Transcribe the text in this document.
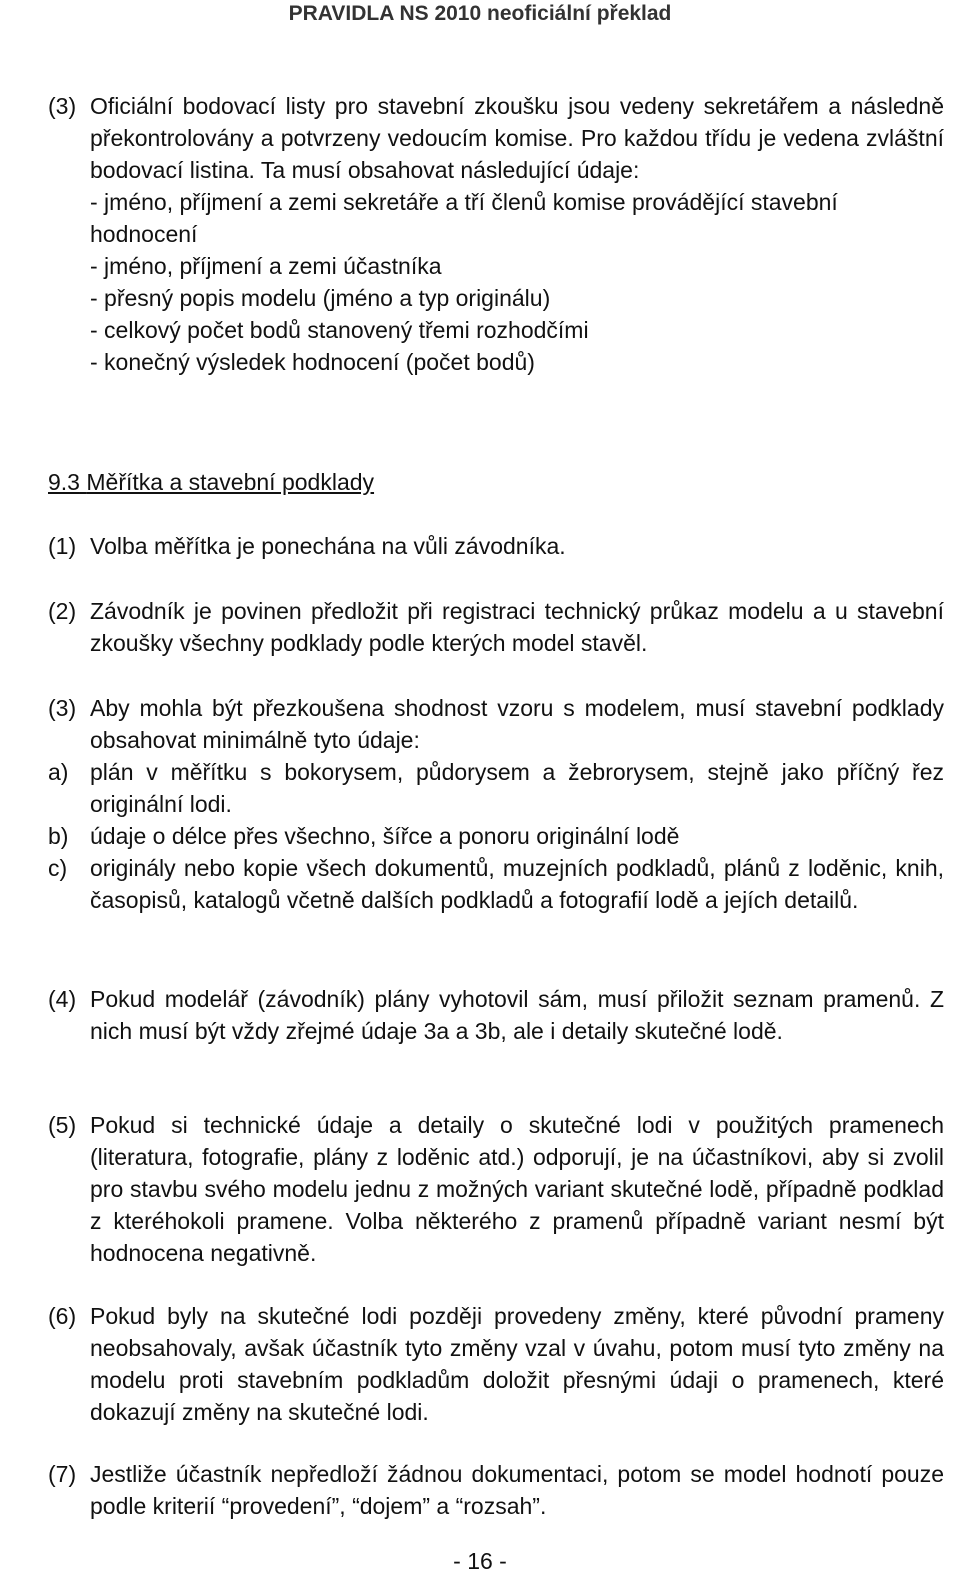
PRAVIDLA NS 2010 neoficiální překlad
(3) Oficiální bodovací listy pro stavební zkoušku jsou vedeny sekretářem a následně překontrolovány a potvrzeny vedoucím komise. Pro každou třídu je vedena zvláštní bodovací listina. Ta musí obsahovat následující údaje:
- jméno, příjmení a zemi sekretáře a tří členů komise provádějící stavební hodnocení
- jméno, příjmení a zemi účastníka
- přesný popis modelu (jméno a typ originálu)
- celkový počet bodů stanovený třemi rozhodčími
- konečný výsledek hodnocení (počet bodů)
9.3 Měřítka a stavební podklady
(1) Volba měřítka je ponechána na vůli závodníka.
(2) Závodník je povinen předložit při registraci technický průkaz modelu a u stavební zkoušky všechny podklady podle kterých model stavěl.
(3) Aby mohla být přezkoušena shodnost vzoru s modelem, musí stavební podklady obsahovat minimálně tyto údaje:
a) plán v měřítku s bokorysem, půdorysem a žebrorysem, stejně jako příčný řez originální lodi.
b) údaje o délce přes všechno, šířce a ponoru originální lodě
c) originály nebo kopie všech dokumentů, muzejních podkladů, plánů z loděnic, knih, časopisů, katalogů včetně dalších podkladů a fotografií lodě a jejích detailů.
(4) Pokud modelář (závodník) plány vyhotovil sám, musí přiložit seznam pramenů. Z nich musí být vždy zřejmé údaje 3a a 3b, ale i detaily skutečné lodě.
(5) Pokud si technické údaje a detaily o skutečné lodi v použitých pramenech (literatura, fotografie, plány z loděnic atd.) odporují, je na účastníkovi, aby si zvolil pro stavbu svého modelu jednu z možných variant skutečné lodě, případně podklad z kteréhokoli pramene. Volba některého z pramenů případně variant nesmí být hodnocena negativně.
(6) Pokud byly na skutečné lodi později provedeny změny, které původní prameny neobsahovaly, avšak účastník tyto změny vzal v úvahu, potom musí tyto změny na modelu proti stavebním podkladům doložit přesnými údaji o pramenech, které dokazují změny na skutečné lodi.
(7) Jestliže účastník nepředloží žádnou dokumentaci, potom se model hodnotí pouze podle kriterií “provedení”, “dojem” a “rozsah”.
- 16 -
